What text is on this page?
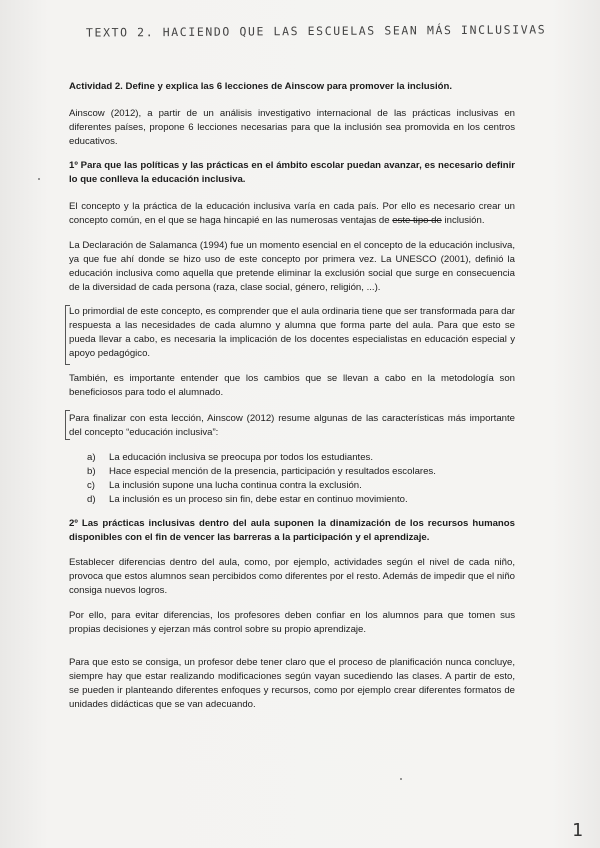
TEXTO 2. HACIENDO QUE LAS ESCUELAS SEAN MÁS INCLUSIVAS

Actividad 2. Define y explica las 6 lecciones de Ainscow para promover la inclusión.

Ainscow (2012), a partir de un análisis investigativo internacional de las prácticas inclusivas en diferentes países, propone 6 lecciones necesarias para que la inclusión sea promovida en los centros educativos.

1º Para que las políticas y las prácticas en el ámbito escolar puedan avanzar, es necesario definir lo que conlleva la educación inclusiva.

El concepto y la práctica de la educación inclusiva varía en cada país. Por ello es necesario crear un concepto común, en el que se haga hincapié en las numerosas ventajas de este tipo de inclusión.

La Declaración de Salamanca (1994) fue un momento esencial en el concepto de la educación inclusiva, ya que fue ahí donde se hizo uso de este concepto por primera vez. La UNESCO (2001), definió la educación inclusiva como aquella que pretende eliminar la exclusión social que surge en consecuencia de la diversidad de cada persona (raza, clase social, género, religión, ...).

Lo primordial de este concepto, es comprender que el aula ordinaria tiene que ser transformada para dar respuesta a las necesidades de cada alumno y alumna que forma parte del aula. Para que esto se pueda llevar a cabo, es necesaria la implicación de los docentes especialistas en educación especial y apoyo pedagógico.

También, es importante entender que los cambios que se llevan a cabo en la metodología son beneficiosos para todo el alumnado.

Para finalizar con esta lección, Ainscow (2012) resume algunas de las características más importante del concepto “educación inclusiva”:

a) La educación inclusiva se preocupa por todos los estudiantes.
b) Hace especial mención de la presencia, participación y resultados escolares.
c) La inclusión supone una lucha continua contra la exclusión.
d) La inclusión es un proceso sin fin, debe estar en continuo movimiento.

2º Las prácticas inclusivas dentro del aula suponen la dinamización de los recursos humanos disponibles con el fin de vencer las barreras a la participación y el aprendizaje.

Establecer diferencias dentro del aula, como, por ejemplo, actividades según el nivel de cada niño, provoca que estos alumnos sean percibidos como diferentes por el resto. Además de impedir que el niño consiga nuevos logros.

Por ello, para evitar diferencias, los profesores deben confiar en los alumnos para que tomen sus propias decisiones y ejerzan más control sobre su propio aprendizaje.

Para que esto se consiga, un profesor debe tener claro que el proceso de planificación nunca concluye, siempre hay que estar realizando modificaciones según vayan sucediendo las clases. A partir de esto, se pueden ir planteando diferentes enfoques y recursos, como por ejemplo crear diferentes formatos de unidades didácticas que se van adecuando.

1
